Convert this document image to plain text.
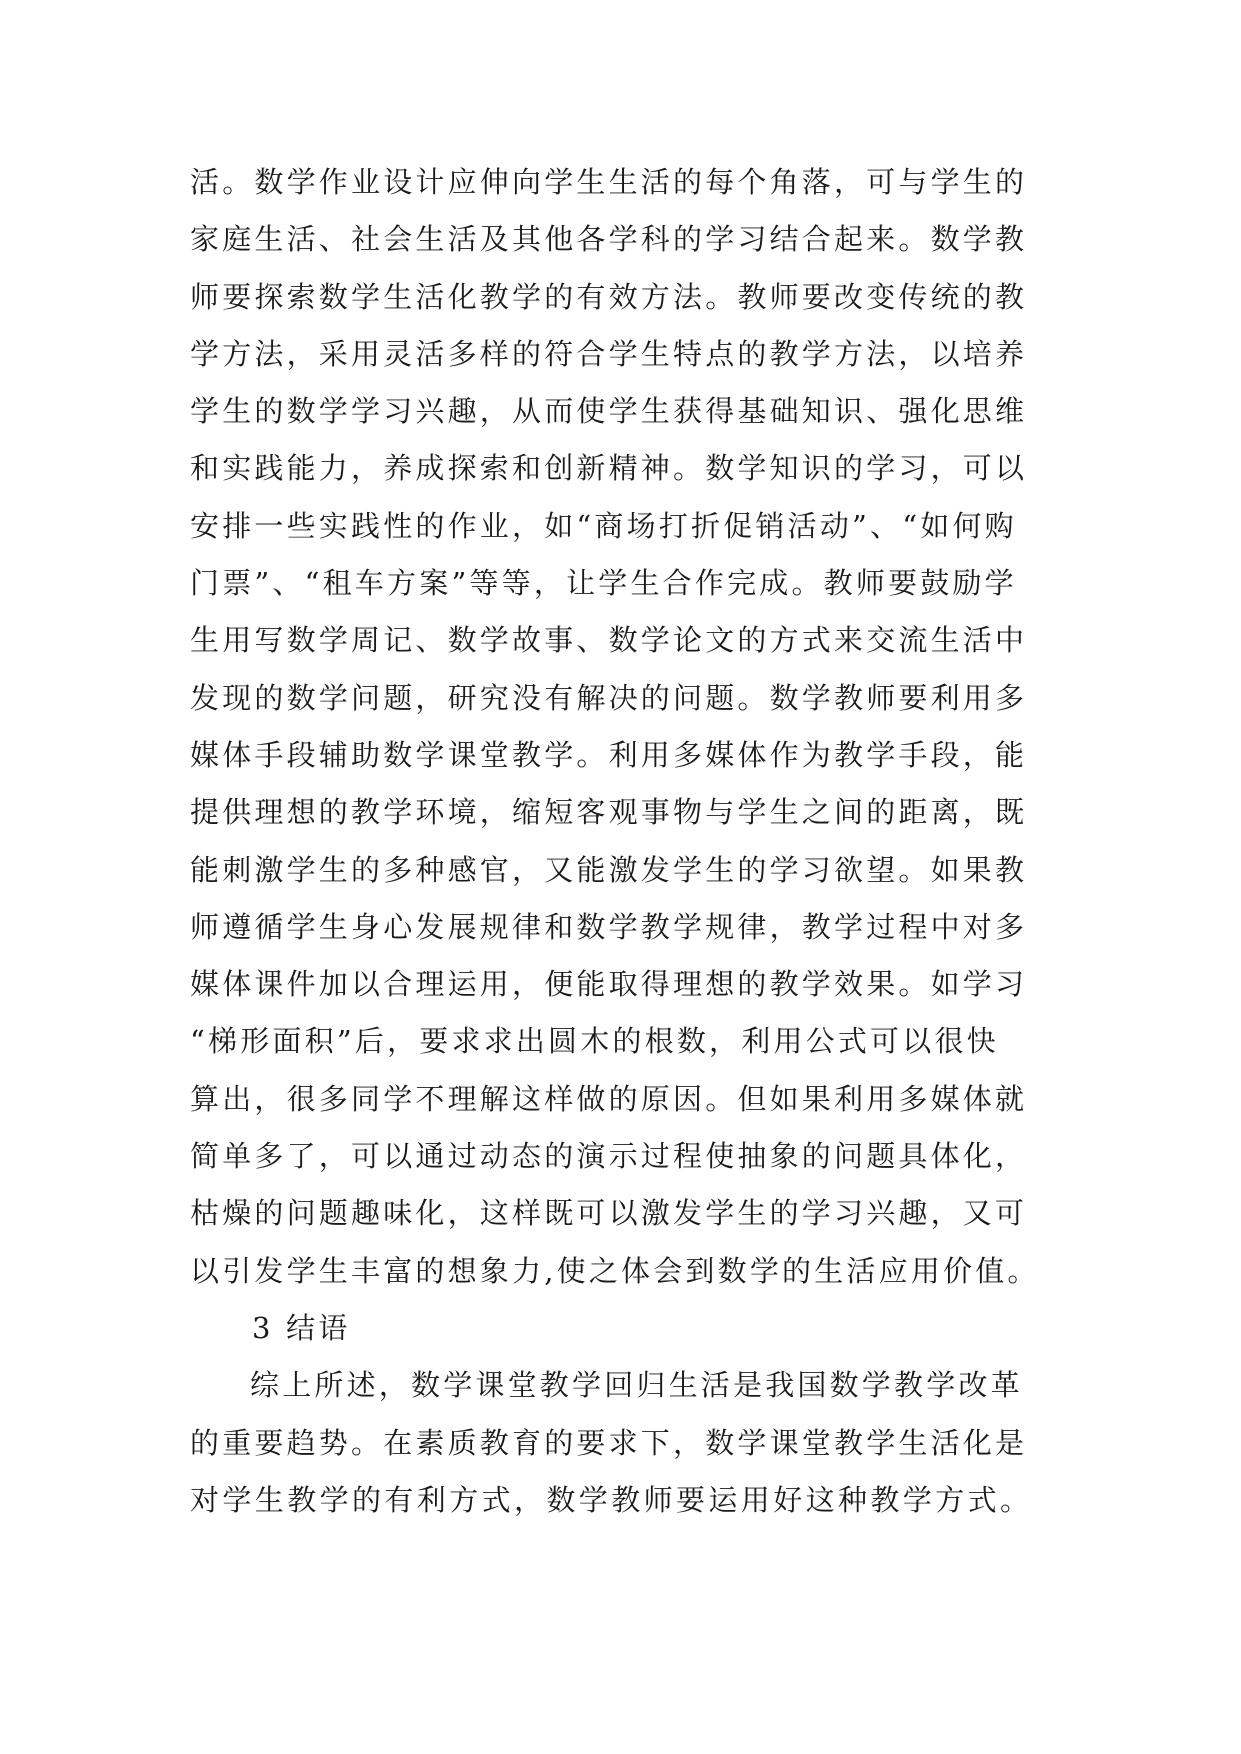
活。数学作业设计应伸向学生生活的每个角落，可与学生的
家庭生活、社会生活及其他各学科的学习结合起来。数学教
师要探索数学生活化教学的有效方法。教师要改变传统的教
学方法，采用灵活多样的符合学生特点的教学方法，以培养
学生的数学学习兴趣，从而使学生获得基础知识、强化思维
和实践能力，养成探索和创新精神。数学知识的学习，可以
安排一些实践性的作业，如“商场打折促销活动”、“如何购
门票”、“租车方案”等等，让学生合作完成。教师要鼓励学
生用写数学周记、数学故事、数学论文的方式来交流生活中
发现的数学问题，研究没有解决的问题。数学教师要利用多
媒体手段辅助数学课堂教学。利用多媒体作为教学手段，能
提供理想的教学环境，缩短客观事物与学生之间的距离，既
能刺激学生的多种感官，又能激发学生的学习欲望。如果教
师遵循学生身心发展规律和数学教学规律，教学过程中对多
媒体课件加以合理运用，便能取得理想的教学效果。如学习
“梯形面积”后，要求求出圆木的根数，利用公式可以很快
算出，很多同学不理解这样做的原因。但如果利用多媒体就
简单多了，可以通过动态的演示过程使抽象的问题具体化，
枯燥的问题趣味化，这样既可以激发学生的学习兴趣，又可
以引发学生丰富的想象力,使之体会到数学的生活应用价值。
3 结语
综上所述，数学课堂教学回归生活是我国数学教学改革
的重要趋势。在素质教育的要求下，数学课堂教学生活化是
对学生教学的有利方式，数学教师要运用好这种教学方式。
